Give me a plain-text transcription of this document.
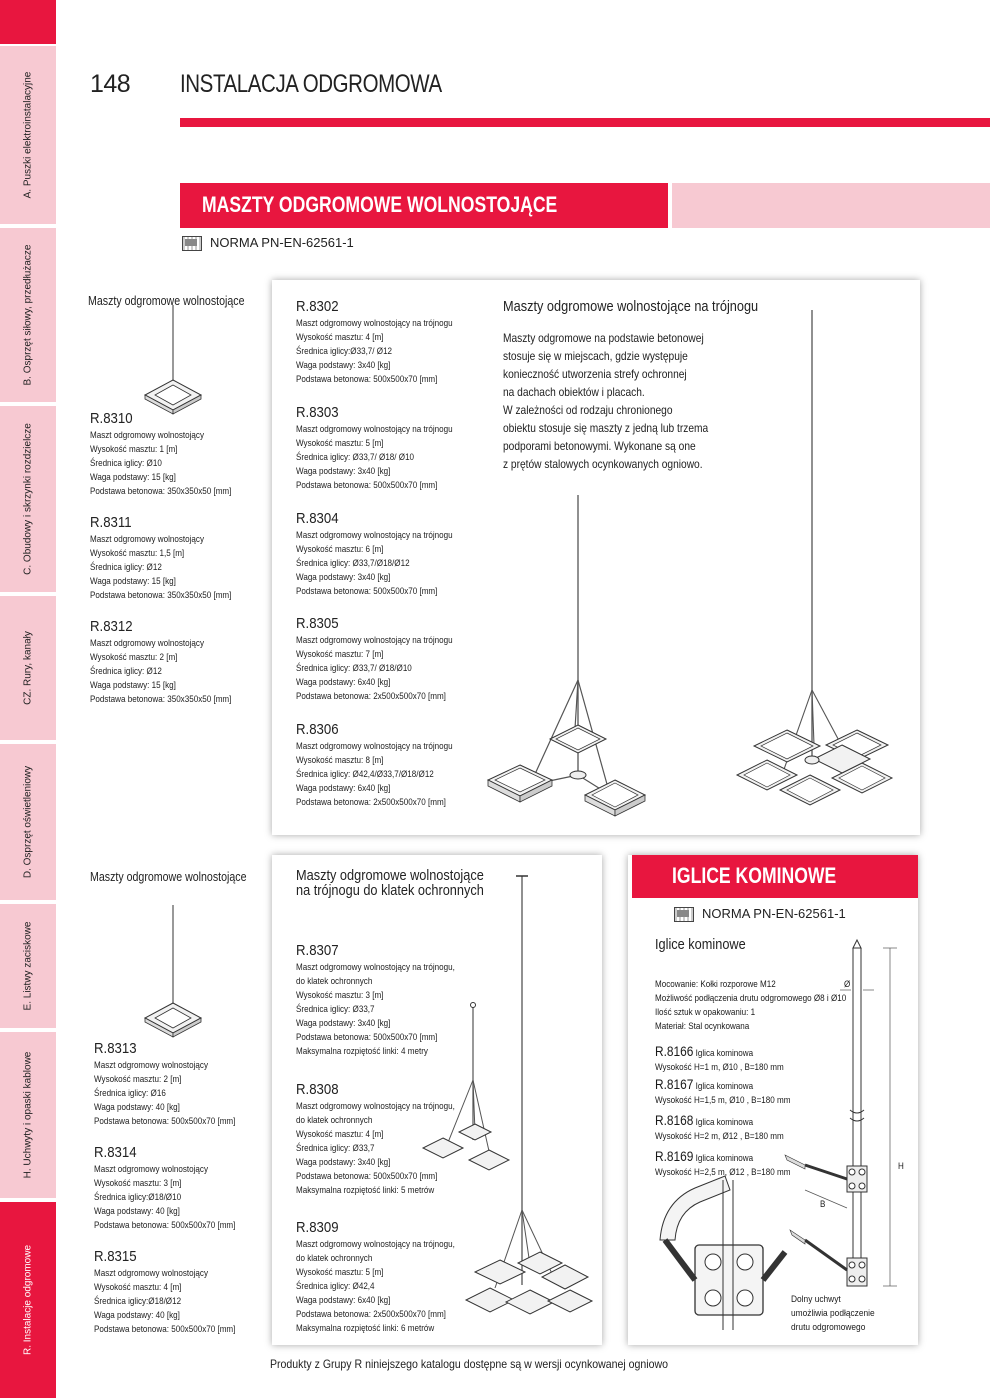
A. Puszki elektroinstalacyjne
B. Osprzęt siłowy, przedłużacze
C. Obudowy i skrzynki rozdzielcze
CZ. Rury, kanały
D. Osprzęt oświetleniowy
E. Listwy zaciskowe
H. Uchwyty i opaski kablowe
R. Instalacje odgromowe
148 INSTALACJA ODGROMOWA
MASZTY ODGROMOWE WOLNOSTOJĄCE
NORMA PN-EN-62561-1
Maszty odgromowe wolnostojące
R.8310
Maszt odgromowy wolnostojący
Wysokość masztu: 1 [m]
Średnica iglicy: Ø10
Waga podstawy: 15 [kg]
Podstawa betonowa: 350x350x50 [mm]
R.8311
Maszt odgromowy wolnostojący
Wysokość masztu: 1,5 [m]
Średnica iglicy: Ø12
Waga podstawy: 15 [kg]
Podstawa betonowa: 350x350x50 [mm]
R.8312
Maszt odgromowy wolnostojący
Wysokość masztu: 2 [m]
Średnica iglicy: Ø12
Waga podstawy: 15 [kg]
Podstawa betonowa: 350x350x50 [mm]
R.8302
Maszt odgromowy wolnostojący na trójnogu
Wysokość masztu: 4 [m]
Średnica iglicy:Ø33,7/ Ø12
Waga podstawy: 3x40 [kg]
Podstawa betonowa: 500x500x70 [mm]
R.8303
Maszt odgromowy wolnostojący na trójnogu
Wysokość masztu: 5 [m]
Średnica iglicy: Ø33,7/ Ø18/ Ø10
Waga podstawy: 3x40 [kg]
Podstawa betonowa: 500x500x70 [mm]
R.8304
Maszt odgromowy wolnostojący na trójnogu
Wysokość masztu: 6 [m]
Średnica iglicy: Ø33,7/Ø18/Ø12
Waga podstawy: 3x40 [kg]
Podstawa betonowa: 500x500x70 [mm]
R.8305
Maszt odgromowy wolnostojący na trójnogu
Wysokość masztu: 7 [m]
Średnica iglicy: Ø33,7/ Ø18/Ø10
Waga podstawy: 6x40 [kg]
Podstawa betonowa: 2x500x500x70 [mm]
R.8306
Maszt odgromowy wolnostojący na trójnogu
Wysokość masztu: 8 [m]
Średnica iglicy: Ø42,4/Ø33,7/Ø18/Ø12
Waga podstawy: 6x40 [kg]
Podstawa betonowa: 2x500x500x70 [mm]
Maszty odgromowe wolnostojące na trójnogu
Maszty odgromowe na podstawie betonowej
stosuje się w miejscach, gdzie występuje
konieczność utworzenia strefy ochronnej
na dachach obiektów i placach.
W zależności od rodzaju chronionego
obiektu stosuje się maszty z jedną lub trzema
podporami betonowymi. Wykonane są one
z prętów stalowych ocynkowanych ogniowo.
Maszty odgromowe wolnostojące
R.8313
Maszt odgromowy wolnostojący
Wysokość masztu: 2 [m]
Średnica iglicy: Ø16
Waga podstawy: 40 [kg]
Podstawa betonowa: 500x500x70 [mm]
R.8314
Maszt odgromowy wolnostojący
Wysokość masztu: 3 [m]
Średnica iglicy:Ø18/Ø10
Waga podstawy: 40 [kg]
Podstawa betonowa: 500x500x70 [mm]
R.8315
Maszt odgromowy wolnostojący
Wysokość masztu: 4 [m]
Średnica iglicy:Ø18/Ø12
Waga podstawy: 40 [kg]
Podstawa betonowa: 500x500x70 [mm]
Maszty odgromowe wolnostojące
na trójnogu do klatek ochronnych
R.8307
Maszt odgromowy wolnostojący na trójnogu,
do klatek ochronnych
Wysokość masztu: 3 [m]
Średnica iglicy: Ø33,7
Waga podstawy: 3x40 [kg]
Podstawa betonowa: 500x500x70 [mm]
Maksymalna rozpiętość linki: 4 metry
R.8308
Maszt odgromowy wolnostojący na trójnogu,
do klatek ochronnych
Wysokość masztu: 4 [m]
Średnica iglicy: Ø33,7
Waga podstawy: 3x40 [kg]
Podstawa betonowa: 500x500x70 [mm]
Maksymalna rozpiętość linki: 5 metrów
R.8309
Maszt odgromowy wolnostojący na trójnogu,
do klatek ochronnych
Wysokość masztu: 5 [m]
Średnica iglicy: Ø42,4
Waga podstawy: 6x40 [kg]
Podstawa betonowa: 2x500x500x70 [mm]
Maksymalna rozpiętość linki: 6 metrów
IGLICE KOMINOWE
NORMA PN-EN-62561-1
Iglice kominowe
Mocowanie: Kołki rozporowe M12
Możliwość podłączenia drutu odgromowego Ø8 i Ø10
Ilość sztuk w opakowaniu: 1
Materiał: Stal ocynkowana
R.8166 Iglica kominowa
Wysokość H=1 m, Ø10 , B=180 mm
R.8167 Iglica kominowa
Wysokość H=1,5 m, Ø10 , B=180 mm
R.8168 Iglica kominowa
Wysokość H=2 m, Ø12 , B=180 mm
R.8169 Iglica kominowa
Wysokość H=2,5 m, Ø12 , B=180 mm
Ø
H
B
Dolny uchwyt
umożliwia podłączenie
drutu odgromowego
Produkty z Grupy R niniejszego katalogu dostępne są w wersji ocynkowanej ogniowo
